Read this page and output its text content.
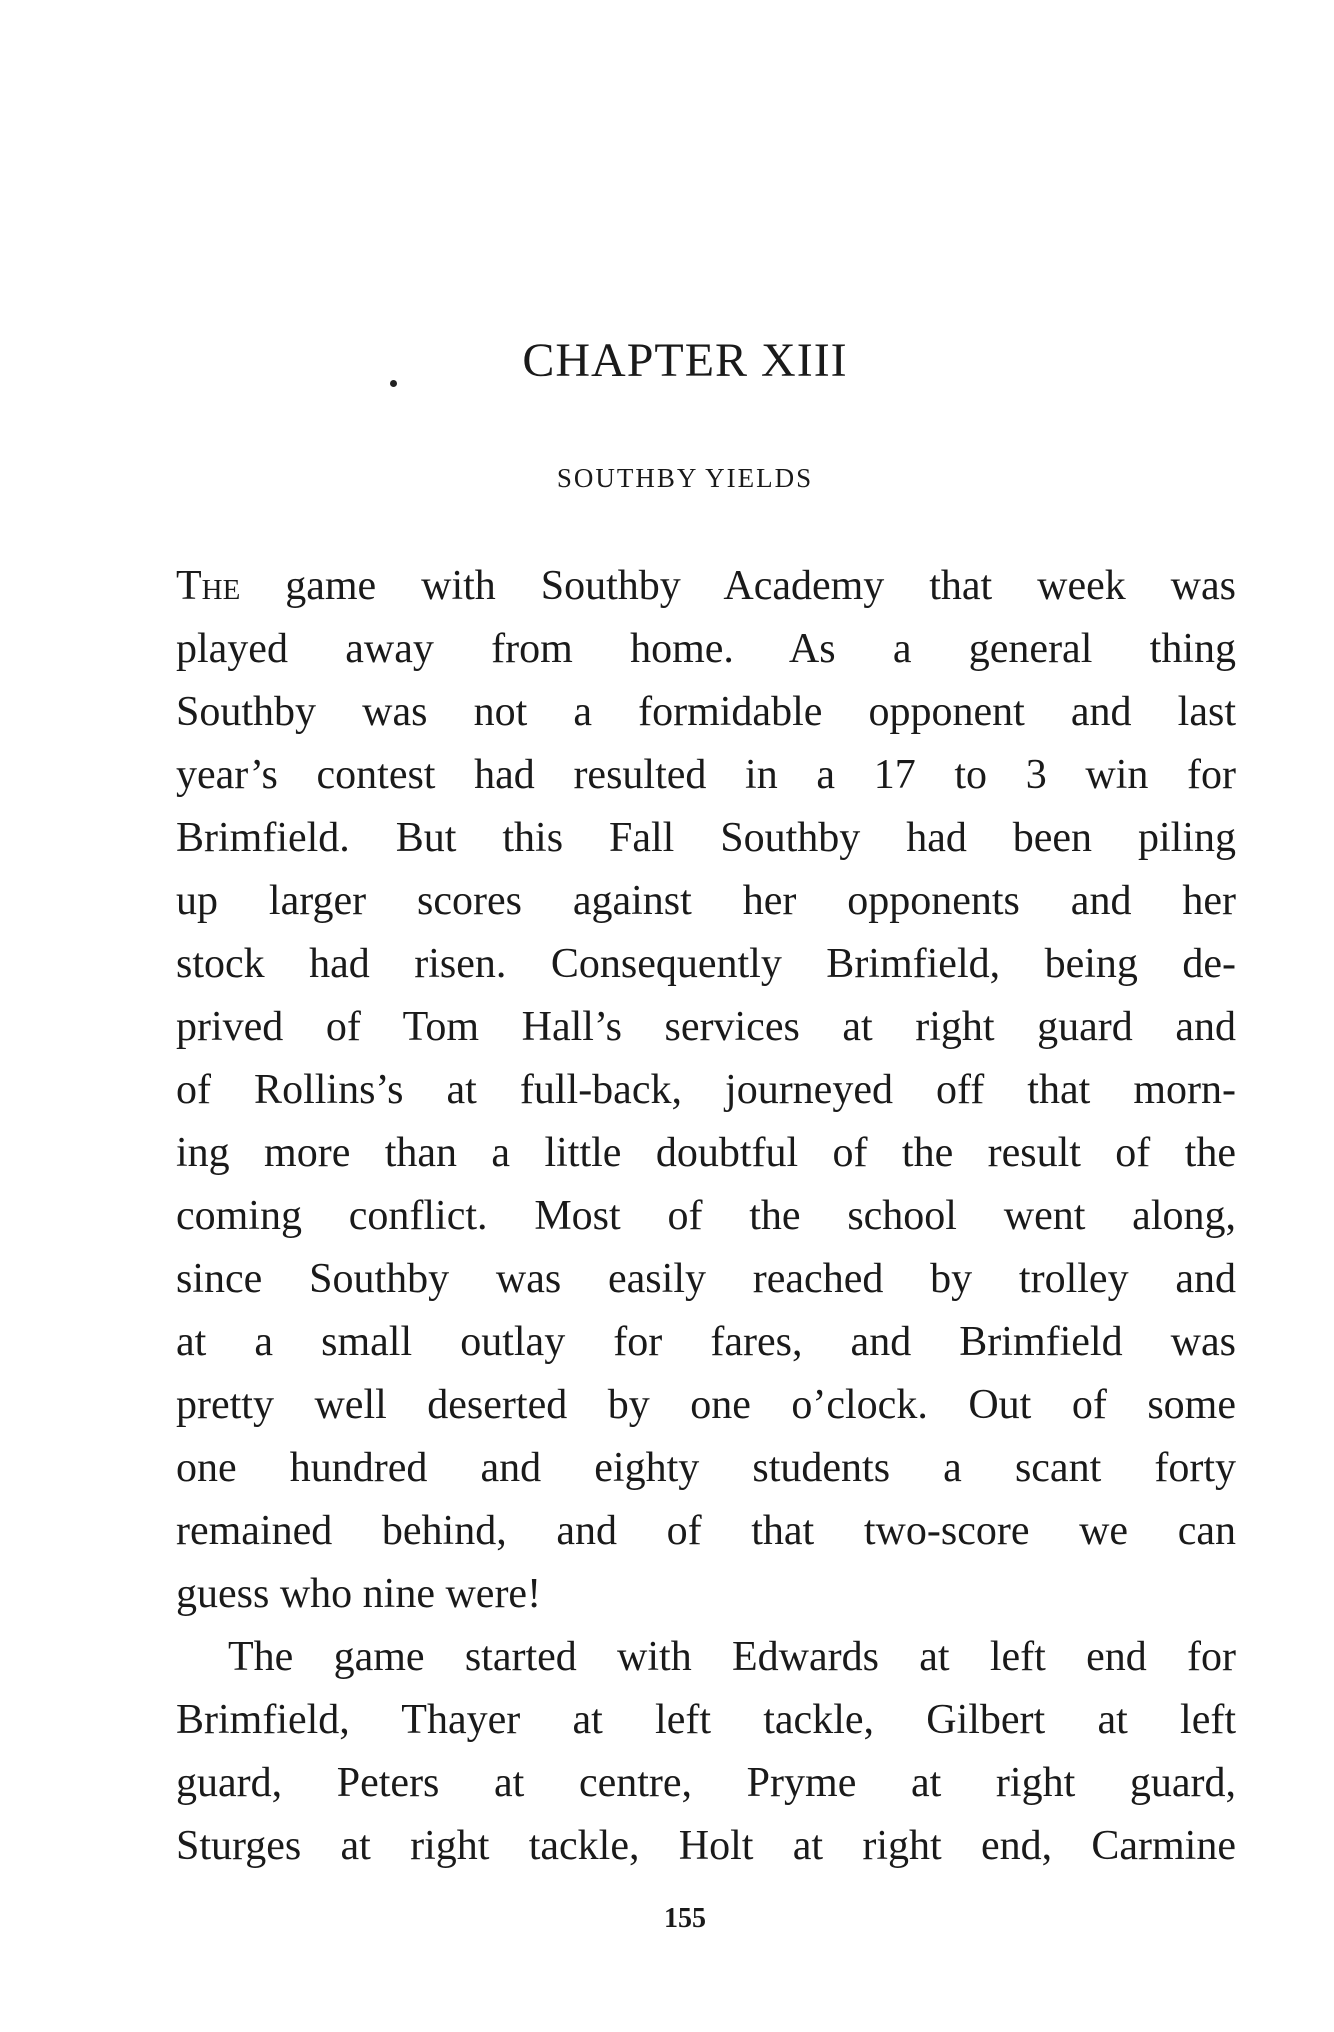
CHAPTER XIII
SOUTHBY YIELDS
The game with Southby Academy that week was
played away from home. As a general thing
Southby was not a formidable opponent and last
year’s contest had resulted in a 17 to 3 win for
Brimfield. But this Fall Southby had been piling
up larger scores against her opponents and her
stock had risen. Consequently Brimfield, being de-
prived of Tom Hall’s services at right guard and
of Rollins’s at full-back, journeyed off that morn-
ing more than a little doubtful of the result of the
coming conflict. Most of the school went along,
since Southby was easily reached by trolley and
at a small outlay for fares, and Brimfield was
pretty well deserted by one o’clock. Out of some
one hundred and eighty students a scant forty
remained behind, and of that two-score we can
guess who nine were!
The game started with Edwards at left end for
Brimfield, Thayer at left tackle, Gilbert at left
guard, Peters at centre, Pryme at right guard,
Sturges at right tackle, Holt at right end, Carmine
155
